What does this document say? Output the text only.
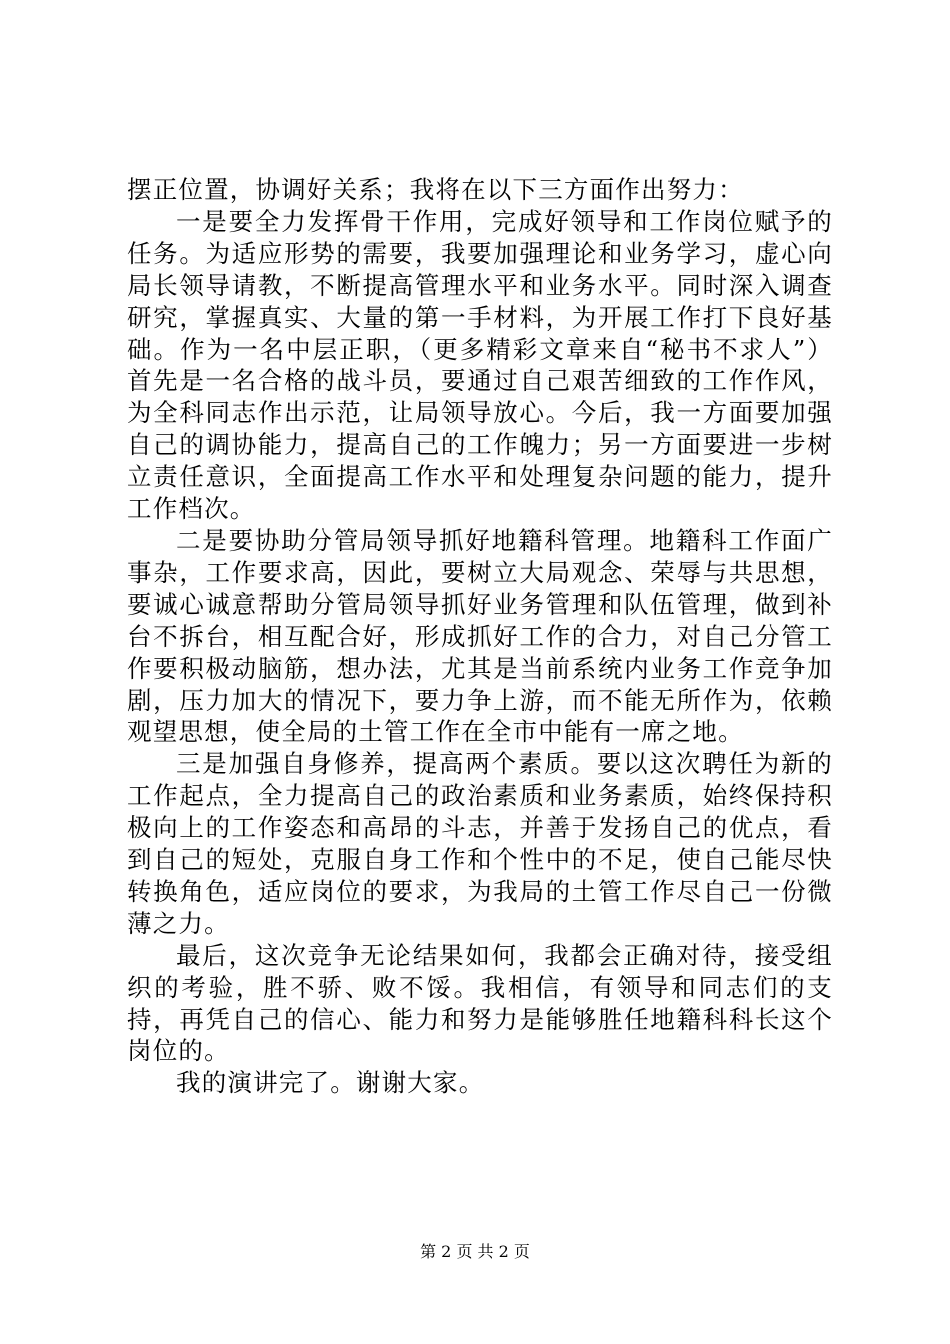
摆正位置，协调好关系；我将在以下三方面作出努力：

一是要全力发挥骨干作用，完成好领导和工作岗位赋予的任务。为适应形势的需要，我要加强理论和业务学习，虚心向局长领导请教，不断提高管理水平和业务水平。同时深入调查研究，掌握真实、大量的第一手材料，为开展工作打下良好基础。作为一名中层正职，（更多精彩文章来自“秘书不求人”）首先是一名合格的战斗员，要通过自己艰苦细致的工作作风，为全科同志作出示范，让局领导放心。今后，我一方面要加强自己的调协能力，提高自己的工作魄力；另一方面要进一步树立责任意识，全面提高工作水平和处理复杂问题的能力，提升工作档次。

二是要协助分管局领导抓好地籍科管理。地籍科工作面广事杂，工作要求高，因此，要树立大局观念、荣辱与共思想，要诚心诚意帮助分管局领导抓好业务管理和队伍管理，做到补台不拆台，相互配合好，形成抓好工作的合力，对自己分管工作要积极动脑筋，想办法，尤其是当前系统内业务工作竞争加剧，压力加大的情况下，要力争上游，而不能无所作为，依赖观望思想，使全局的土管工作在全市中能有一席之地。

三是加强自身修养，提高两个素质。要以这次聘任为新的工作起点，全力提高自己的政治素质和业务素质，始终保持积极向上的工作姿态和高昂的斗志，并善于发扬自己的优点，看到自己的短处，克服自身工作和个性中的不足，使自己能尽快转换角色，适应岗位的要求，为我局的土管工作尽自己一份微薄之力。

最后，这次竞争无论结果如何，我都会正确对待，接受组织的考验，胜不骄、败不馁。我相信，有领导和同志们的支持，再凭自己的信心、能力和努力是能够胜任地籍科科长这个岗位的。

我的演讲完了。谢谢大家。

第 2 页 共 2 页
